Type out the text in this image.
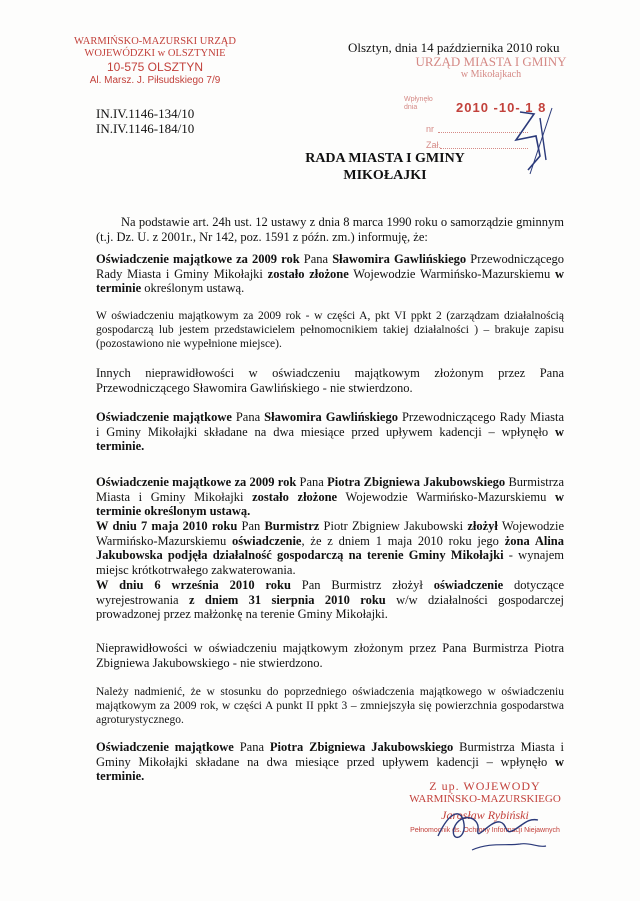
WARMIŃSKO-MAZURSKI URZĄD
WOJEWÓDZKI w OLSZTYNIE
10-575 OLSZTYN
Al. Marsz. J. Piłsudskiego 7/9
Olsztyn, dnia 14 października 2010 roku
URZĄD MIASTA I GMINY
w Mikołajkach
Wpłynęło dnia	2010 -10- 1 8
nr
Zał.
IN.IV.1146-134/10
IN.IV.1146-184/10
RADA MIASTA I GMINY
MIKOŁAJKI

Na podstawie art. 24h ust. 12 ustawy z dnia 8 marca 1990 roku o samorządzie gminnym (t.j. Dz. U. z 2001r., Nr 142, poz. 1591 z późn. zm.) informuję, że:

Oświadczenie majątkowe za 2009 rok Pana Sławomira Gawlińskiego Przewodniczącego Rady Miasta i Gminy Mikołajki zostało złożone Wojewodzie Warmińsko-Mazurskiemu w terminie określonym ustawą.

W oświadczeniu majątkowym za 2009 rok - w części A, pkt VI ppkt 2 (zarządzam działalnością gospodarczą lub jestem przedstawicielem pełnomocnikiem takiej działalności ) – brakuje zapisu (pozostawiono nie wypełnione miejsce).

Innych nieprawidłowości w oświadczeniu majątkowym złożonym przez Pana Przewodniczącego Sławomira Gawlińskiego - nie stwierdzono.

Oświadczenie majątkowe Pana Sławomira Gawlińskiego Przewodniczącego Rady Miasta i Gminy Mikołajki składane na dwa miesiące przed upływem kadencji – wpłynęło w terminie.

Oświadczenie majątkowe za 2009 rok Pana Piotra Zbigniewa Jakubowskiego Burmistrza Miasta i Gminy Mikołajki zostało złożone Wojewodzie Warmińsko-Mazurskiemu w terminie określonym ustawą.

W dniu 7 maja 2010 roku Pan Burmistrz Piotr Zbigniew Jakubowski złożył Wojewodzie Warmińsko-Mazurskiemu oświadczenie, że z dniem 1 maja 2010 roku jego żona Alina Jakubowska podjęła działalność gospodarczą na terenie Gminy Mikołajki - wynajem miejsc krótkotrwałego zakwaterowania.

W dniu 6 września 2010 roku Pan Burmistrz złożył oświadczenie dotyczące wyrejestrowania z dniem 31 sierpnia 2010 roku w/w działalności gospodarczej prowadzonej przez małżonkę na terenie Gminy Mikołajki.

Nieprawidłowości w oświadczeniu majątkowym złożonym przez Pana Burmistrza Piotra Zbigniewa Jakubowskiego - nie stwierdzono.

Należy nadmienić, że w stosunku do poprzedniego oświadczenia majątkowego w oświadczeniu majątkowym za 2009 rok, w części A punkt II ppkt 3 – zmniejszyła się powierzchnia gospodarstwa agroturystycznego.

Oświadczenie majątkowe Pana Piotra Zbigniewa Jakubowskiego Burmistrza Miasta i Gminy Mikołajki składane na dwa miesiące przed upływem kadencji – wpłynęło w terminie.

Z up. WOJEWODY
WARMIŃSKO-MAZURSKIEGO
Jarosław Rybiński
Pełnomocnik ds. Ochrony Informacji Niejawnych
